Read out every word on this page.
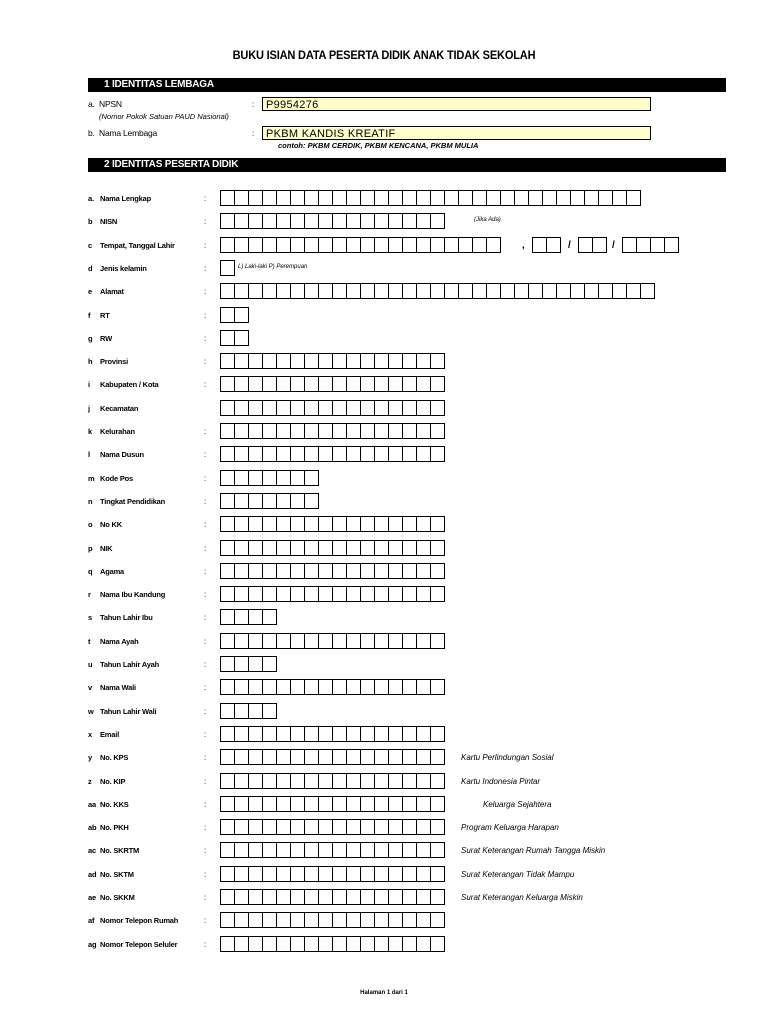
BUKU ISIAN DATA PESERTA DIDIK ANAK TIDAK SEKOLAH
1 IDENTITAS LEMBAGA
a. NPSN
(Nomor Pokok Satuan PAUD Nasional)
:	P9954276
b. Nama Lembaga	:	PKBM KANDIS KREATIF
contoh: PKBM CERDIK, PKBM KENCANA, PKBM MULIA
2 IDENTITAS PESERTA DIDIK
a. Nama Lengkap	:
b NISN	:	(Jika Ada)
c Tempat, Tanggal Lahir	:	,	/	/
d Jenis kelamin	:	L) Laki-laki P) Perempuan
e Alamat	:
f RT	:
g RW	:
h Provinsi	:
i Kabupaten / Kota	:
j Kecamatan
k Kelurahan	:
l Nama Dusun	:
m Kode Pos	:
n Tingkat Pendidikan	:
o No KK	:
p NIK	:
q Agama	:
r Nama Ibu Kandung	:
s Tahun Lahir Ibu	:
t Nama Ayah	:
u Tahun Lahir Ayah	:
v Nama Wali	:
w Tahun Lahir Wali	:
x Email	:
y No. KPS	:	Kartu Perlindungan Sosial
z No. KIP	:	Kartu Indonesia Pintar
aa No. KKS	:	Keluarga Sejahtera
ab No. PKH	:	Program Keluarga Harapan
ac No. SKRTM	:	Surat Keterangan Rumah Tangga Miskin
ad No. SKTM	:	Surat Keterangan Tidak Mampu
ae No. SKKM	:	Surat Keterangan Keluarga Miskin
af Nomor Telepon Rumah	:
ag Nomor Telepon Seluler	:
Halaman 1 dari 1
